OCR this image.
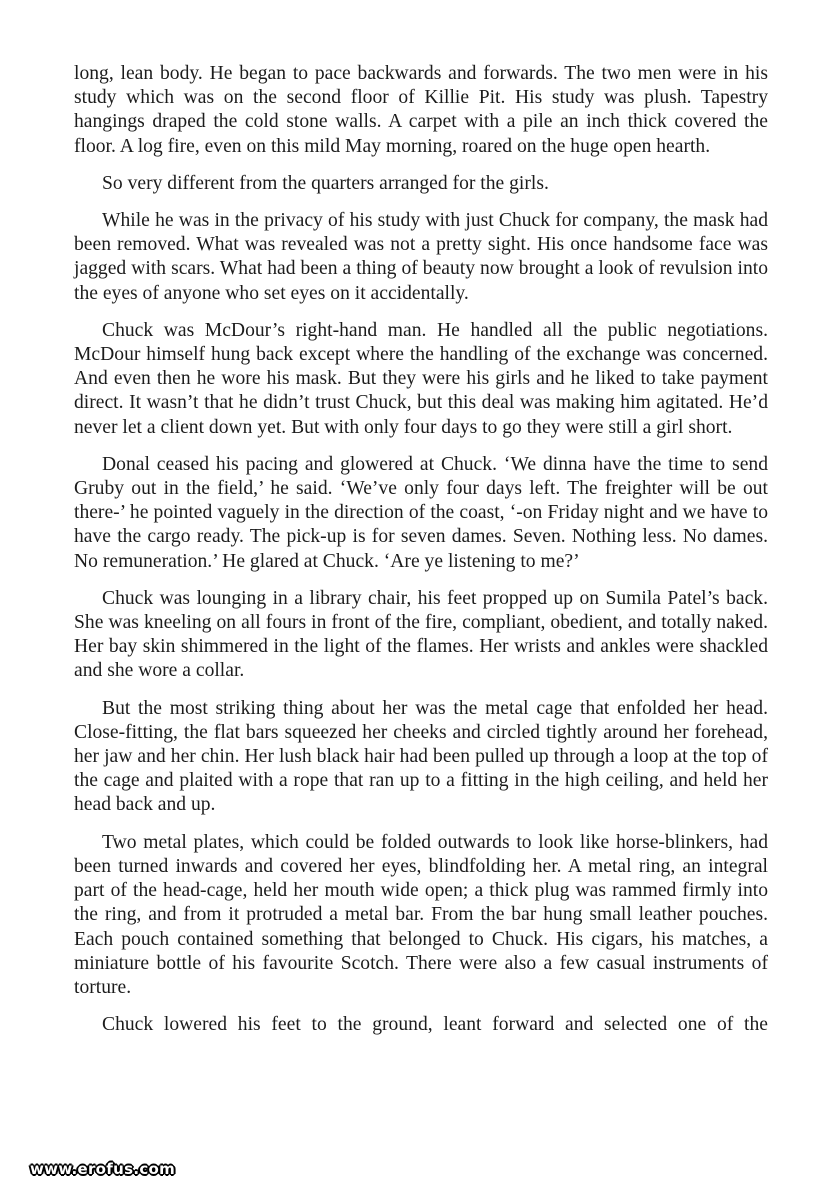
long, lean body. He began to pace backwards and forwards. The two men were in his study which was on the second floor of Killie Pit. His study was plush. Tapestry hangings draped the cold stone walls. A carpet with a pile an inch thick covered the floor. A log fire, even on this mild May morning, roared on the huge open hearth.

So very different from the quarters arranged for the girls.

While he was in the privacy of his study with just Chuck for company, the mask had been removed. What was revealed was not a pretty sight. His once handsome face was jagged with scars. What had been a thing of beauty now brought a look of revulsion into the eyes of anyone who set eyes on it accidentally.

Chuck was McDour’s right-hand man. He handled all the public negotiations. McDour himself hung back except where the handling of the exchange was concerned. And even then he wore his mask. But they were his girls and he liked to take payment direct. It wasn’t that he didn’t trust Chuck, but this deal was making him agitated. He’d never let a client down yet. But with only four days to go they were still a girl short.

Donal ceased his pacing and glowered at Chuck. ‘We dinna have the time to send Gruby out in the field,’ he said. ‘We’ve only four days left. The freighter will be out there-’ he pointed vaguely in the direction of the coast, ‘-on Friday night and we have to have the cargo ready. The pick-up is for seven dames. Seven. Nothing less. No dames. No remuneration.’ He glared at Chuck. ‘Are ye listening to me?’

Chuck was lounging in a library chair, his feet propped up on Sumila Patel’s back. She was kneeling on all fours in front of the fire, compliant, obedient, and totally naked. Her bay skin shimmered in the light of the flames. Her wrists and ankles were shackled and she wore a collar.

But the most striking thing about her was the metal cage that enfolded her head. Close-fitting, the flat bars squeezed her cheeks and circled tightly around her forehead, her jaw and her chin. Her lush black hair had been pulled up through a loop at the top of the cage and plaited with a rope that ran up to a fitting in the high ceiling, and held her head back and up.

Two metal plates, which could be folded outwards to look like horse-blinkers, had been turned inwards and covered her eyes, blindfolding her. A metal ring, an integral part of the head-cage, held her mouth wide open; a thick plug was rammed firmly into the ring, and from it protruded a metal bar. From the bar hung small leather pouches. Each pouch contained something that belonged to Chuck. His cigars, his matches, a miniature bottle of his favourite Scotch. There were also a few casual instruments of torture.

Chuck lowered his feet to the ground, leant forward and selected one of the

www.erofus.com
